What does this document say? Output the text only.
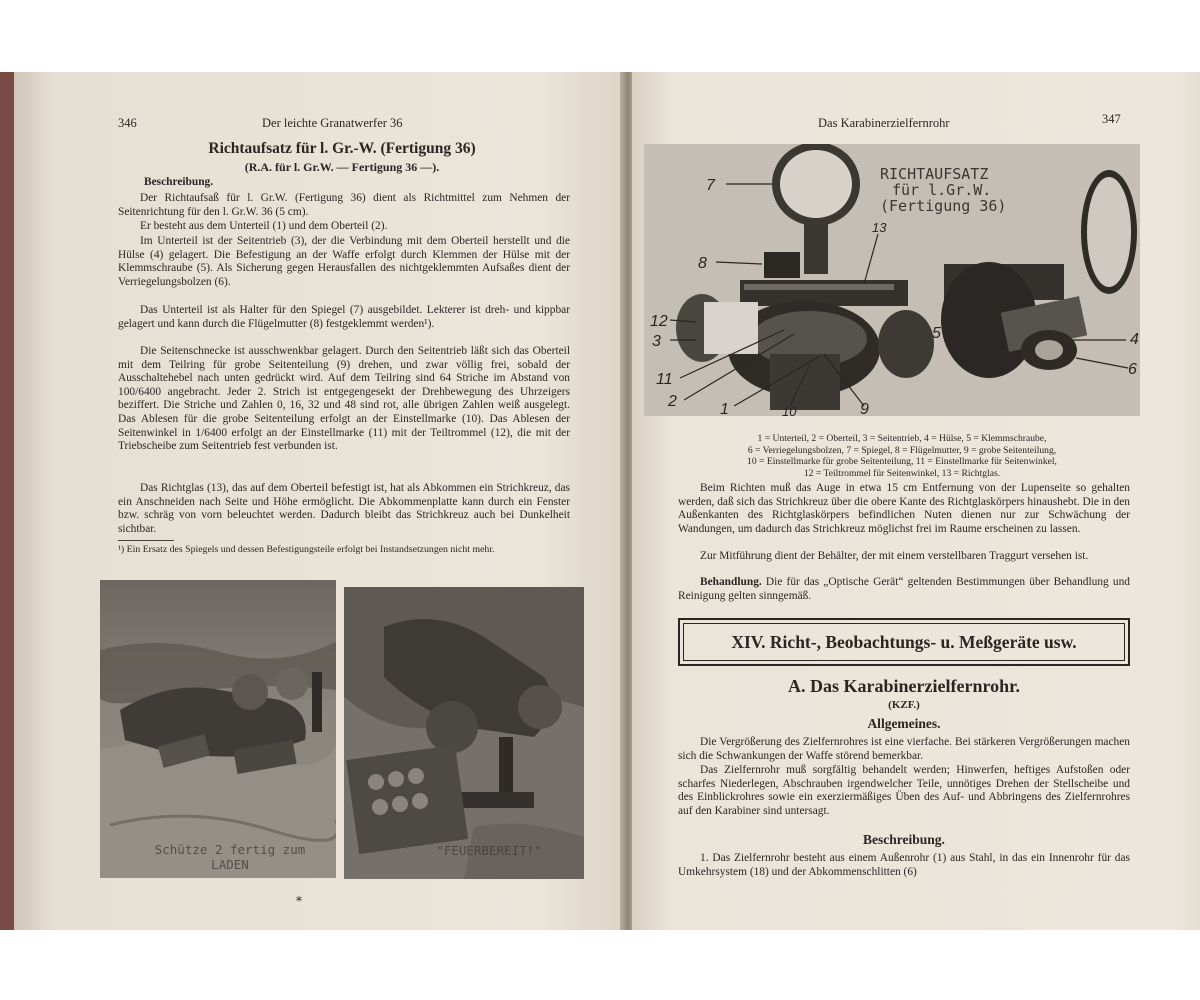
346	Der leichte Granatwerfer 36
Richtaufsatz für l. Gr.-W. (Fertigung 36)
(R.A. für l. Gr.W. — Fertigung 36 —).
Beschreibung.
Der Richtaufsaß für l. Gr.W. (Fertigung 36) dient als Richtmittel zum Nehmen der Seitenrichtung für den l. Gr.W. 36 (5 cm).
Er besteht aus dem Unterteil (1) und dem Oberteil (2).
Im Unterteil ist der Seitentrieb (3), der die Verbindung mit dem Oberteil herstellt und die Hülse (4) gelagert. Die Befestigung an der Waffe erfolgt durch Klemmen der Hülse mit der Klemmschraube (5). Als Sicherung gegen Herausfallen des nichtgeklemmten Aufsaßes dient der Verriegelungsbolzen (6).
Das Unterteil ist als Halter für den Spiegel (7) ausgebildet. Lekterer ist dreh- und kippbar gelagert und kann durch die Flügelmutter (8) festgeklemmt werden¹).
Die Seitenschnecke ist ausschwenkbar gelagert. Durch den Seitentrieb läßt sich das Oberteil mit dem Teilring für grobe Seitenteilung (9) drehen, und zwar völlig frei, sobald der Ausschaltehebel nach unten gedrückt wird. Auf dem Teilring sind 64 Striche im Abstand von 100/6400 angebracht. Jeder 2. Strich ist entgegengesekt der Drehbewegung des Uhrzeigers beziffert. Die Striche und Zahlen 0, 16, 32 und 48 sind rot, alle übrigen Zahlen weiß ausgelegt. Das Ablesen für die grobe Seitenteilung erfolgt an der Einstellmarke (10). Das Ablesen der Seitenwinkel in 1/6400 erfolgt an der Einstellmarke (11) mit der Teiltrommel (12), die mit der Triebscheibe zum Seitentrieb fest verbunden ist.
Das Richtglas (13), das auf dem Oberteil befestigt ist, hat als Abkommen ein Strichkreuz, das ein Anschneiden nach Seite und Höhe ermöglicht. Die Abkommenplatte kann durch ein Fenster bzw. schräg von vorn beleuchtet werden. Dadurch bleibt das Strichkreuz auch bei Dunkelheit sichtbar.
¹) Ein Ersatz des Spiegels und dessen Befestigungsteile erfolgt bei Instandsetzungen nicht mehr.
Schütze 2 fertig zum LADEN
"FEUERBEREIT!"
*
Das Karabinerzielfernrohr	347
7
8
13
12
3
11
2	1	10	9
5	4
6
RICHTAUFSATZ
für l.Gr.W.
(Fertigung 36)
1 = Unterteil, 2 = Oberteil, 3 = Seitentrieb, 4 = Hülse, 5 = Klemmschraube,
6 = Verriegelungsbolzen, 7 = Spiegel, 8 = Flügelmutter, 9 = grobe Seitenteilung,
10 = Einstellmarke für grobe Seitenteilung, 11 = Einstellmarke für Seitenwinkel,
12 = Teiltrommel für Seitenwinkel, 13 = Richtglas.
Beim Richten muß das Auge in etwa 15 cm Entfernung von der Lupenseite so gehalten werden, daß sich das Strichkreuz über die obere Kante des Richtglaskörpers hinaushebt. Die in den Außenkanten des Richtglaskörpers befindlichen Nuten dienen nur zur Schwächung der Wandungen, um dadurch das Strichkreuz möglichst frei im Raume erscheinen zu lassen.
Zur Mitführung dient der Behälter, der mit einem verstellbaren Traggurt versehen ist.
Behandlung. Die für das „Optische Gerät“ geltenden Bestimmungen über Behandlung und Reinigung gelten sinngemäß.
XIV. Richt-, Beobachtungs- u. Meßgeräte usw.
A. Das Karabinerzielfernrohr.
(KZF.)
Allgemeines.
Die Vergrößerung des Zielfernrohres ist eine vierfache. Bei stärkeren Vergrößerungen machen sich die Schwankungen der Waffe störend bemerkbar.
Das Zielfernrohr muß sorgfältig behandelt werden; Hinwerfen, heftiges Aufstoßen oder scharfes Niederlegen, Abschrauben irgendwelcher Teile, unnötiges Drehen der Stellscheibe und des Einblickrohres sowie ein exerziermäßiges Üben des Auf- und Abbringens des Zielfernrohres auf den Karabiner sind untersagt.
Beschreibung.
1. Das Zielfernrohr besteht aus einem Außenrohr (1) aus Stahl, in das ein Innenrohr für das Umkehrsystem (18) und der Abkommenschlitten (6)
